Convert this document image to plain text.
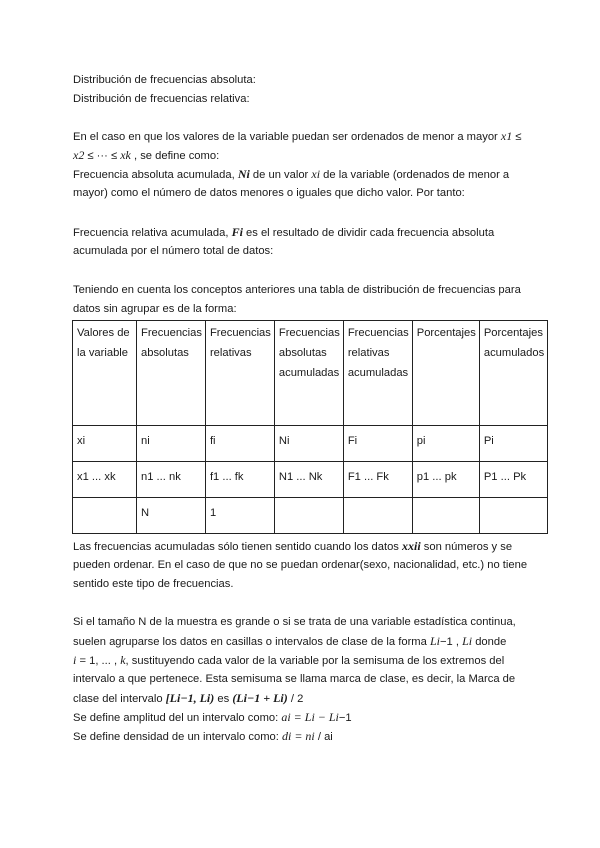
Distribución de frecuencias absoluta:
Distribución de frecuencias relativa:
En el caso en que los valores de la variable puedan ser ordenados de menor a mayor x1 ≤
x2 ≤ ··· ≤ xk , se define como:
Frecuencia absoluta acumulada, Ni de un valor xi de la variable (ordenados de menor a
mayor) como el número de datos menores o iguales que dicho valor. Por tanto:
Frecuencia relativa acumulada, Fi es el resultado de dividir cada frecuencia absoluta
acumulada por el número total de datos:
Teniendo en cuenta los conceptos anteriores una tabla de distribución de frecuencias para
datos sin agrupar es de la forma:
Valores de la variable	Frecuencias absolutas	Frecuencias relativas	Frecuencias absolutas acumuladas	Frecuencias relativas acumuladas	Porcentajes	Porcentajes acumulados
xi	ni	fi	Ni	Fi	pi	Pi
x1 ... xk	n1 ... nk	f1 ... fk	N1 ... Nk	F1 ... Fk	p1 ... pk	P1 ... Pk
	N	1				
Las frecuencias acumuladas sólo tienen sentido cuando los datos xxii son números y se
pueden ordenar. En el caso de que no se puedan ordenar(sexo, nacionalidad, etc.) no tiene
sentido este tipo de frecuencias.
Si el tamaño N de la muestra es grande o si se trata de una variable estadística continua,
suelen agruparse los datos en casillas o intervalos de clase de la forma Li−1 , Li donde
i = 1, ... , k, sustituyendo cada valor de la variable por la semisuma de los extremos del
intervalo a que pertenece. Esta semisuma se llama marca de clase, es decir, la Marca de
clase del intervalo [Li−1, Li) es (Li−1 + Li) / 2
Se define amplitud del un intervalo como: ai = Li − Li−1
Se define densidad de un intervalo como: di = ni / ai
